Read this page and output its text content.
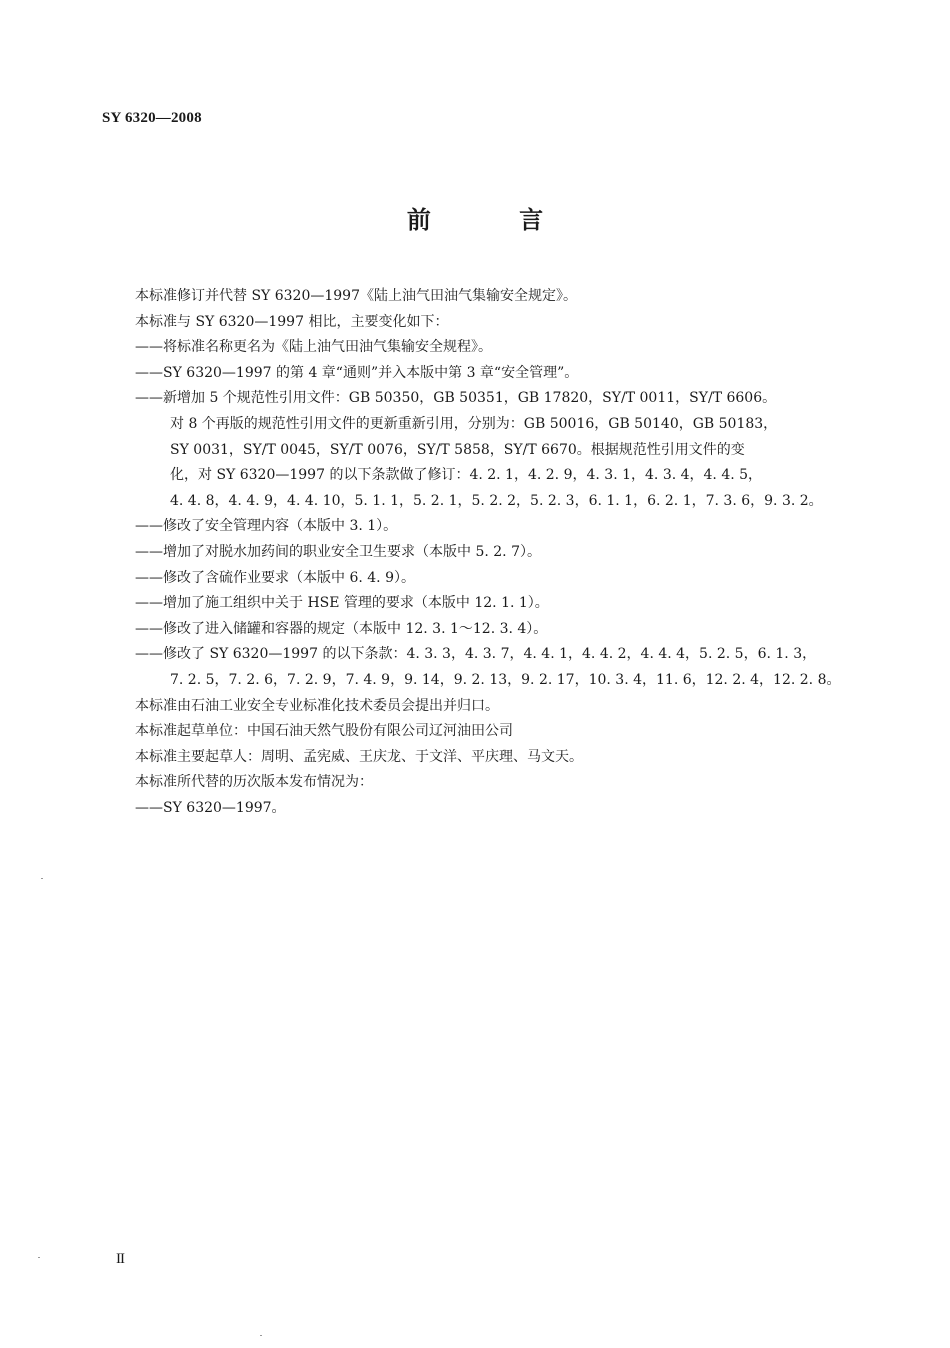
SY 6320—2008
前 言

本标准修订并代替 SY 6320—1997《陆上油气田油气集输安全规定》。

本标准与 SY 6320—1997 相比，主要变化如下：

——将标准名称更名为《陆上油气田油气集输安全规程》。

——SY 6320—1997 的第 4 章“通则”并入本版中第 3 章“安全管理”。

——新增加 5 个规范性引用文件：GB 50350，GB 50351，GB 17820，SY/T 0011，SY/T 6606。

对 8 个再版的规范性引用文件的更新重新引用，分别为：GB 50016，GB 50140，GB 50183，

SY 0031，SY/T 0045，SY/T 0076，SY/T 5858，SY/T 6670。根据规范性引用文件的变

化，对 SY 6320—1997 的以下条款做了修订：4. 2. 1，4. 2. 9，4. 3. 1，4. 3. 4，4. 4. 5，

4. 4. 8，4. 4. 9，4. 4. 10，5. 1. 1，5. 2. 1，5. 2. 2，5. 2. 3，6. 1. 1，6. 2. 1，7. 3. 6，9. 3. 2。

——修改了安全管理内容（本版中 3. 1）。

——增加了对脱水加药间的职业安全卫生要求（本版中 5. 2. 7）。

——修改了含硫作业要求（本版中 6. 4. 9）。

——增加了施工组织中关于 HSE 管理的要求（本版中 12. 1. 1）。

——修改了进入储罐和容器的规定（本版中 12. 3. 1～12. 3. 4）。

——修改了 SY 6320—1997 的以下条款：4. 3. 3，4. 3. 7，4. 4. 1，4. 4. 2，4. 4. 4，5. 2. 5，6. 1. 3，

7. 2. 5，7. 2. 6，7. 2. 9，7. 4. 9，9. 14，9. 2. 13，9. 2. 17，10. 3. 4，11. 6，12. 2. 4，12. 2. 8。

本标准由石油工业安全专业标准化技术委员会提出并归口。

本标准起草单位：中国石油天然气股份有限公司辽河油田公司

本标准主要起草人：周明、孟宪威、王庆龙、于文洋、平庆理、马文天。

本标准所代替的历次版本发布情况为：

——SY 6320—1997。

II
